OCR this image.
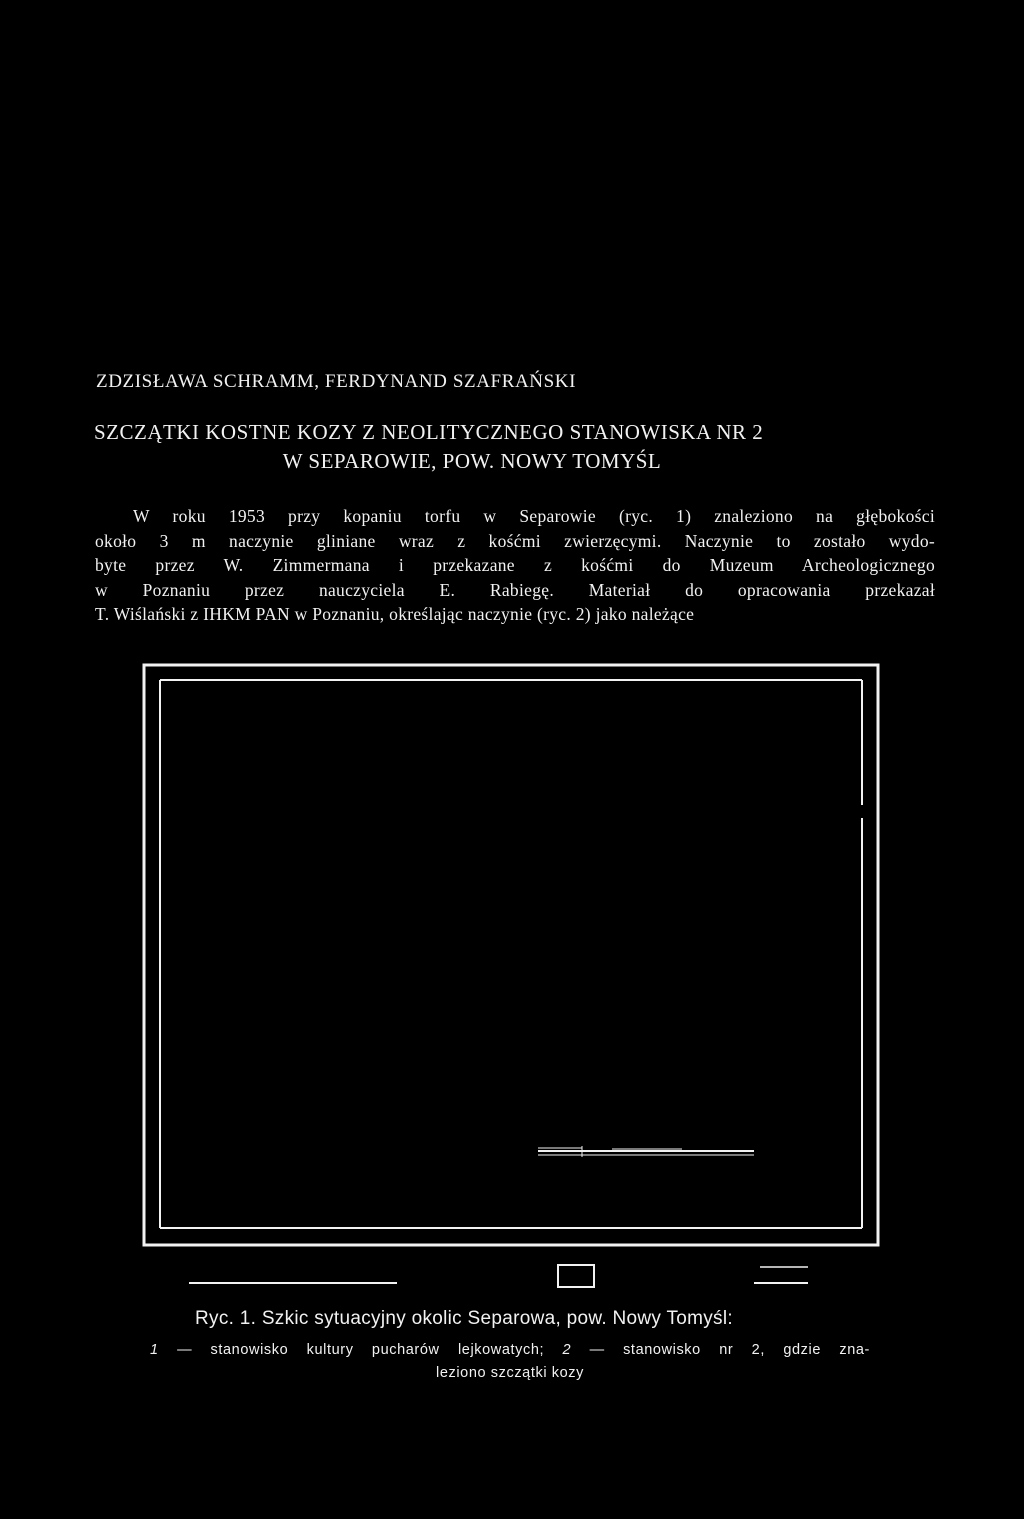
ZDZISŁAWA SCHRAMM, FERDYNAND SZAFRAŃSKI
SZCZĄTKI KOSTNE KOZY Z NEOLITYCZNEGO STANOWISKA NR 2
W SEPAROWIE, POW. NOWY TOMYŚL
W roku 1953 przy kopaniu torfu w Separowie (ryc. 1) znaleziono na głębokości
około 3 m naczynie gliniane wraz z kośćmi zwierzęcymi. Naczynie to zostało wydo-
byte przez W. Zimmermana i przekazane z kośćmi do Muzeum Archeologicznego
w Poznaniu przez nauczyciela E. Rabiegę. Materiał do opracowania przekazał
T. Wiślański z IHKM PAN w Poznaniu, określając naczynie (ryc. 2) jako należące
Ryc. 1. Szkic sytuacyjny okolic Separowa, pow. Nowy Tomyśl:
1 — stanowisko kultury pucharów lejkowatych; 2 — stanowisko nr 2, gdzie zna-
leziono szczątki kozy
